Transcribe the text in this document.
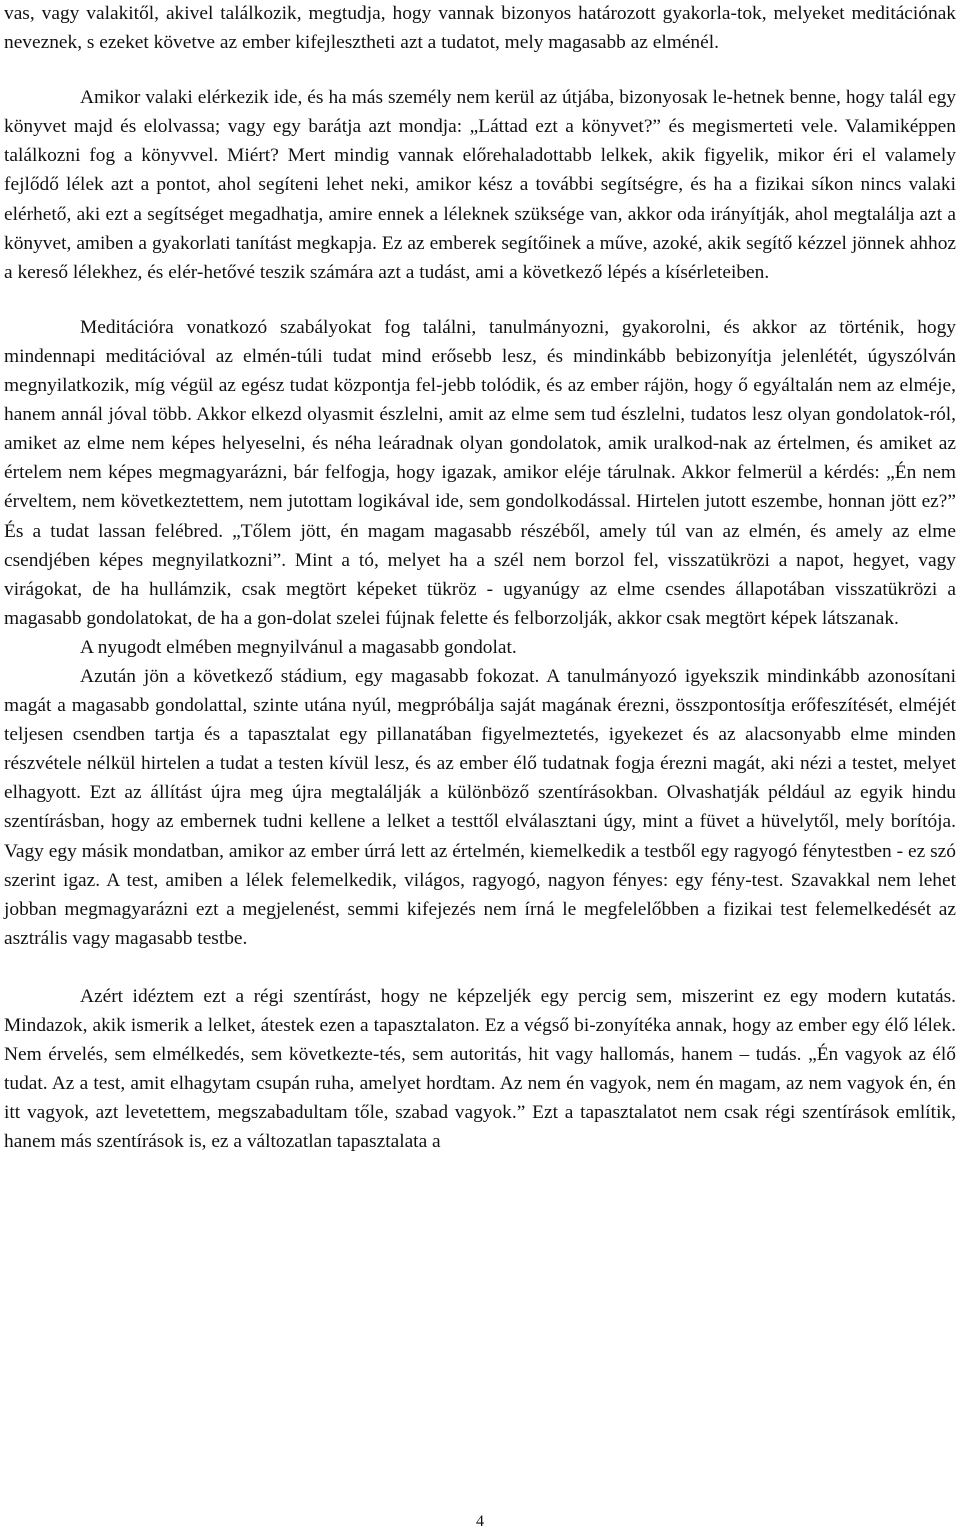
vas, vagy valakitől, akivel találkozik, megtudja, hogy vannak bizonyos határozott gyakorla-tok, melyeket meditációnak neveznek, s ezeket követve az ember kifejlesztheti azt a tudatot, mely magasabb az elménél.

Amikor valaki elérkezik ide, és ha más személy nem kerül az útjába, bizonyosak le-hetnek benne, hogy talál egy könyvet majd és elolvassa; vagy egy barátja azt mondja: „Láttad ezt a könyvet?” és megismerteti vele. Valamiképpen találkozni fog a könyvvel. Miért? Mert mindig vannak előrehaladottabb lelkek, akik figyelik, mikor éri el valamely fejlődő lélek azt a pontot, ahol segíteni lehet neki, amikor kész a további segítségre, és ha a fizikai síkon nincs valaki elérhető, aki ezt a segítséget megadhatja, amire ennek a léleknek szüksége van, akkor oda irányítják, ahol megtalálja azt a könyvet, amiben a gyakorlati tanítást megkapja. Ez az emberek segítőinek a műve, azoké, akik segítő kézzel jönnek ahhoz a kereső lélekhez, és elér-hetővé teszik számára azt a tudást, ami a következő lépés a kísérleteiben.

Meditációra vonatkozó szabályokat fog találni, tanulmányozni, gyakorolni, és akkor az történik, hogy mindennapi meditációval az elmén-túli tudat mind erősebb lesz, és mindinkább bebizonyítja jelenlétét, úgyszólván megnyilatkozik, míg végül az egész tudat központja fel-jebb tolódik, és az ember rájön, hogy ő egyáltalán nem az elméje, hanem annál jóval több. Akkor elkezd olyasmit észlelni, amit az elme sem tud észlelni, tudatos lesz olyan gondolatok-ról, amiket az elme nem képes helyeselni, és néha leáradnak olyan gondolatok, amik uralkod-nak az értelmen, és amiket az értelem nem képes megmagyarázni, bár felfogja, hogy igazak, amikor eléje tárulnak. Akkor felmerül a kérdés: „Én nem érveltem, nem következtettem, nem jutottam logikával ide, sem gondolkodással. Hirtelen jutott eszembe, honnan jött ez?” És a tudat lassan felébred. „Tőlem jött, én magam magasabb részéből, amely túl van az elmén, és amely az elme csendjében képes megnyilatkozni”. Mint a tó, melyet ha a szél nem borzol fel, visszatükrözi a napot, hegyet, vagy virágokat, de ha hullámzik, csak megtört képeket tükröz - ugyanúgy az elme csendes állapotában visszatükrözi a magasabb gondolatokat, de ha a gon-dolat szelei fújnak felette és felborzolják, akkor csak megtört képek látszanak.

A nyugodt elmében megnyilvánul a magasabb gondolat.

Azután jön a következő stádium, egy magasabb fokozat. A tanulmányozó igyekszik mindinkább azonosítani magát a magasabb gondolattal, szinte utána nyúl, megpróbálja saját magának érezni, összpontosítja erőfeszítését, elméjét teljesen csendben tartja és a tapasztalat egy pillanatában figyelmeztetés, igyekezet és az alacsonyabb elme minden részvétele nélkül hirtelen a tudat a testen kívül lesz, és az ember élő tudatnak fogja érezni magát, aki nézi a testet, melyet elhagyott. Ezt az állítást újra meg újra megtalálják a különböző szentírásokban. Olvashatják például az egyik hindu szentírásban, hogy az embernek tudni kellene a lelket a testtől elválasztani úgy, mint a füvet a hüvelytől, mely borítója. Vagy egy másik mondatban, amikor az ember úrrá lett az értelmén, kiemelkedik a testből egy ragyogó fénytestben - ez szó szerint igaz. A test, amiben a lélek felemelkedik, világos, ragyogó, nagyon fényes: egy fény-test. Szavakkal nem lehet jobban megmagyarázni ezt a megjelenést, semmi kifejezés nem írná le megfelelőbben a fizikai test felemelkedését az asztrális vagy magasabb testbe.

Azért idéztem ezt a régi szentírást, hogy ne képzeljék egy percig sem, miszerint ez egy modern kutatás. Mindazok, akik ismerik a lelket, átestek ezen a tapasztalaton. Ez a végső bi-zonyítéka annak, hogy az ember egy élő lélek. Nem érvelés, sem elmélkedés, sem következte-tés, sem autoritás, hit vagy hallomás, hanem – tudás. „Én vagyok az élő tudat. Az a test, amit elhagytam csupán ruha, amelyet hordtam. Az nem én vagyok, nem én magam, az nem vagyok én, én itt vagyok, azt levetettem, megszabadultam tőle, szabad vagyok.” Ezt a tapasztalatot nem csak régi szentírások említik, hanem más szentírások is, ez a változatlan tapasztalata a

4
